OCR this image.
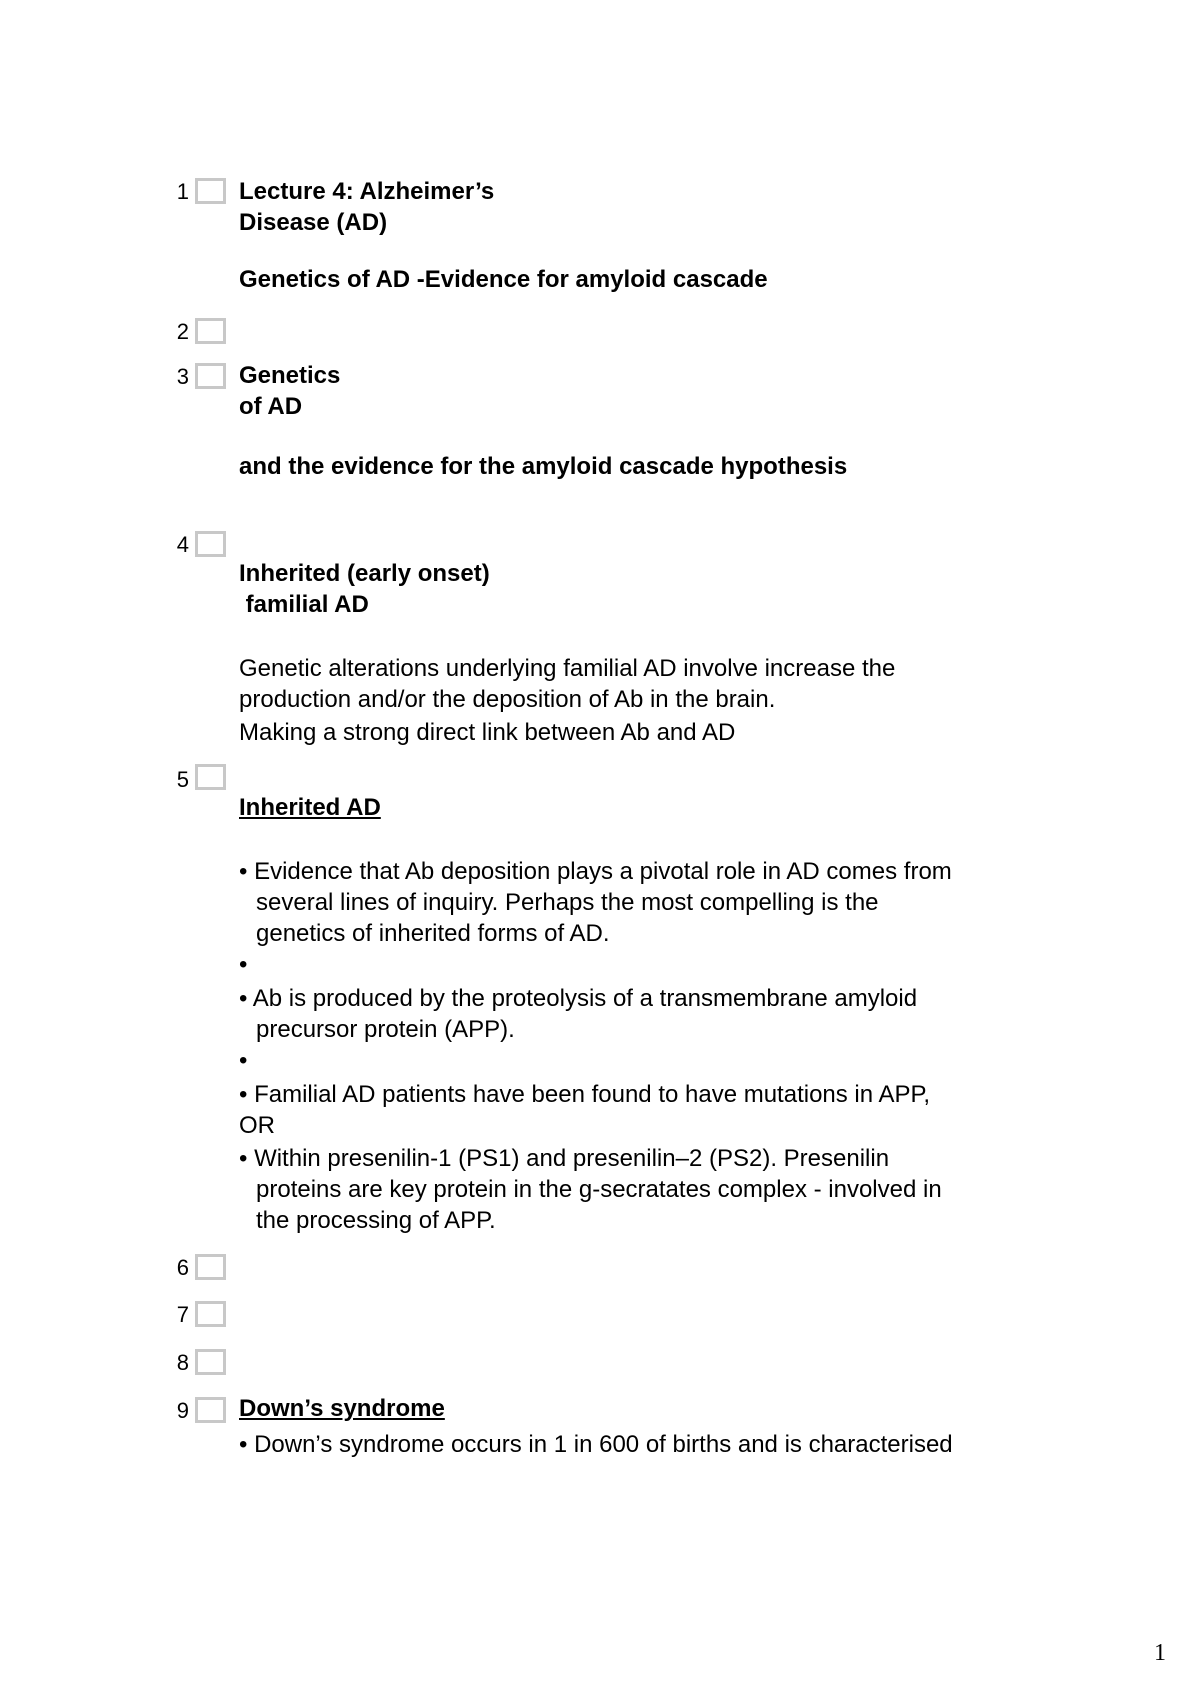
1 Lecture 4: Alzheimer’s
Disease (AD)
Genetics of AD -Evidence for amyloid cascade
2
3 Genetics
of AD
and the evidence for the amyloid cascade hypothesis
4
Inherited (early onset)
familial AD
Genetic alterations underlying familial AD involve increase the
production and/or the deposition of Ab in the brain.
Making a strong direct link between Ab and AD
5
Inherited AD
• Evidence that Ab deposition plays a pivotal role in AD comes from
several lines of inquiry. Perhaps the most compelling is the
genetics of inherited forms of AD.
•
• Ab is produced by the proteolysis of a transmembrane amyloid
precursor protein (APP).
•
• Familial AD patients have been found to have mutations in APP,
OR
• Within presenilin-1 (PS1) and presenilin–2 (PS2). Presenilin
proteins are key protein in the g-secratates complex - involved in
the processing of APP.
6
7
8
9 Down’s syndrome
• Down’s syndrome occurs in 1 in 600 of births and is characterised
1
